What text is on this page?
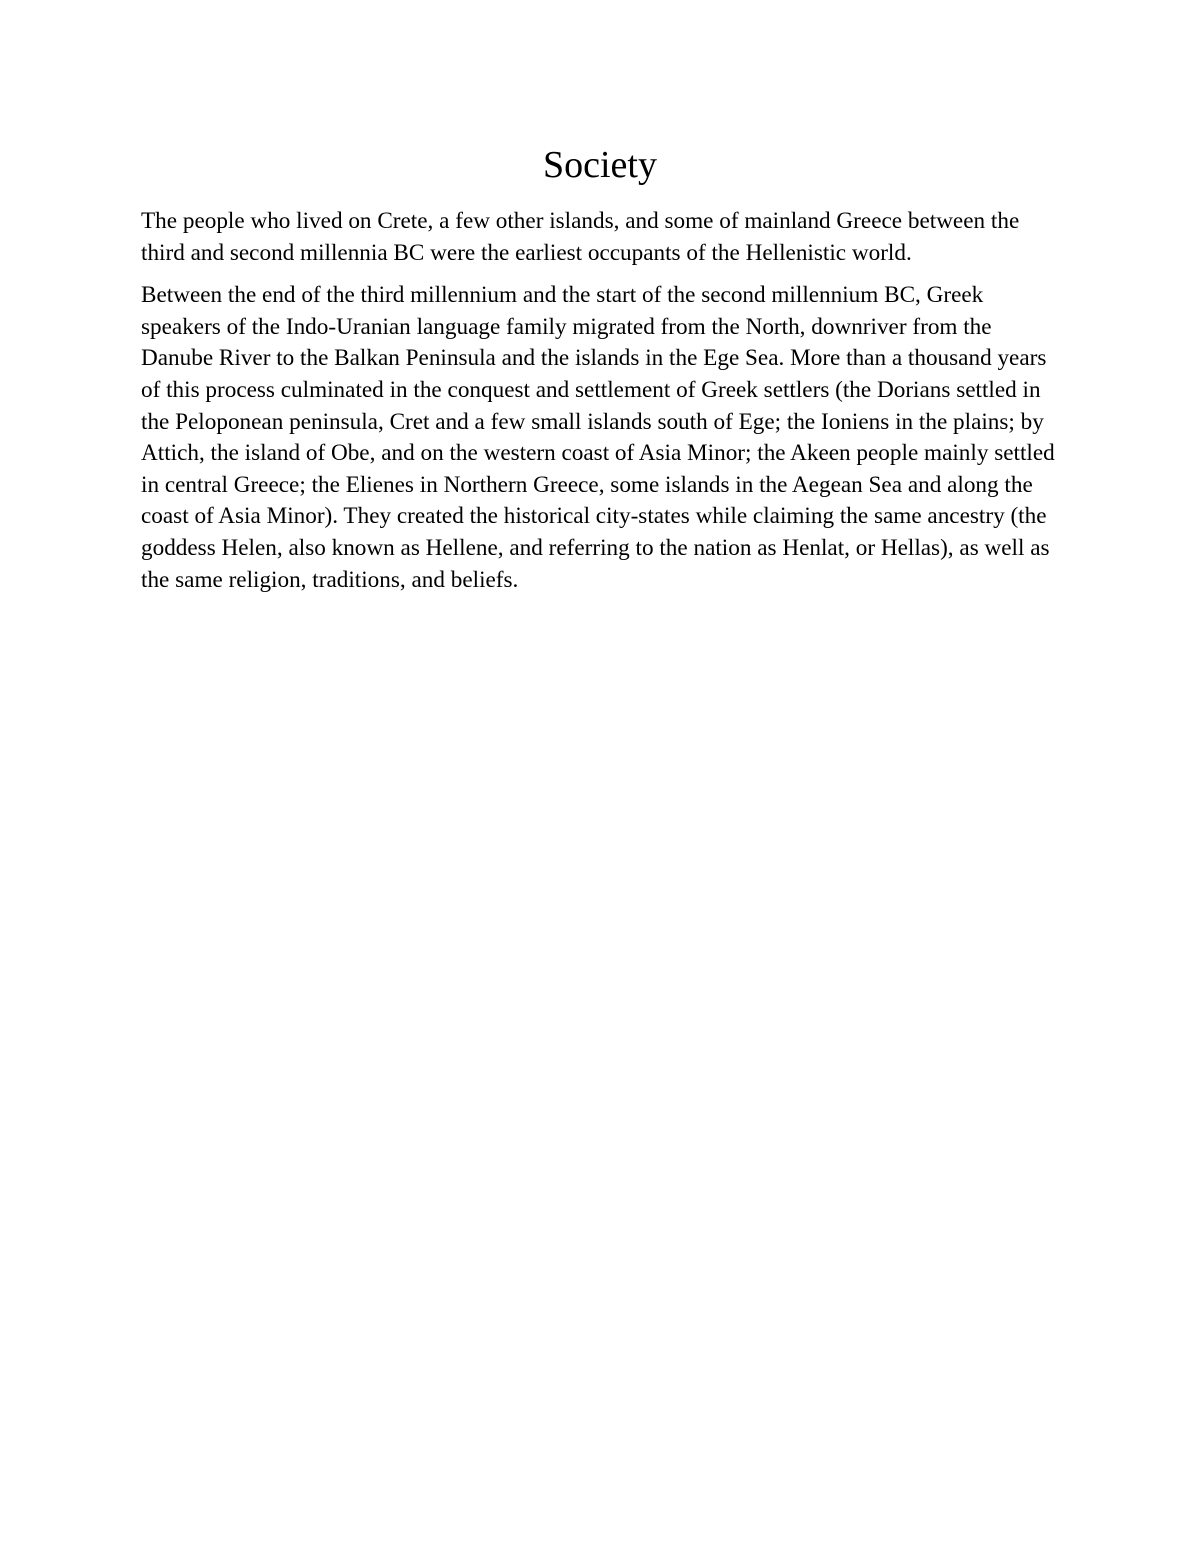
Society

The people who lived on Crete, a few other islands, and some of mainland Greece between the third and second millennia BC were the earliest occupants of the Hellenistic world.

Between the end of the third millennium and the start of the second millennium BC, Greek speakers of the Indo-Uranian language family migrated from the North, downriver from the Danube River to the Balkan Peninsula and the islands in the Ege Sea. More than a thousand years of this process culminated in the conquest and settlement of Greek settlers (the Dorians settled in the Peloponean peninsula, Cret and a few small islands south of Ege; the Ioniens in the plains; by Attich, the island of Obe, and on the western coast of Asia Minor; the Akeen people mainly settled in central Greece; the Elienes in Northern Greece, some islands in the Aegean Sea and along the coast of Asia Minor). They created the historical city-states while claiming the same ancestry (the goddess Helen, also known as Hellene, and referring to the nation as Henlat, or Hellas), as well as the same religion, traditions, and beliefs.
